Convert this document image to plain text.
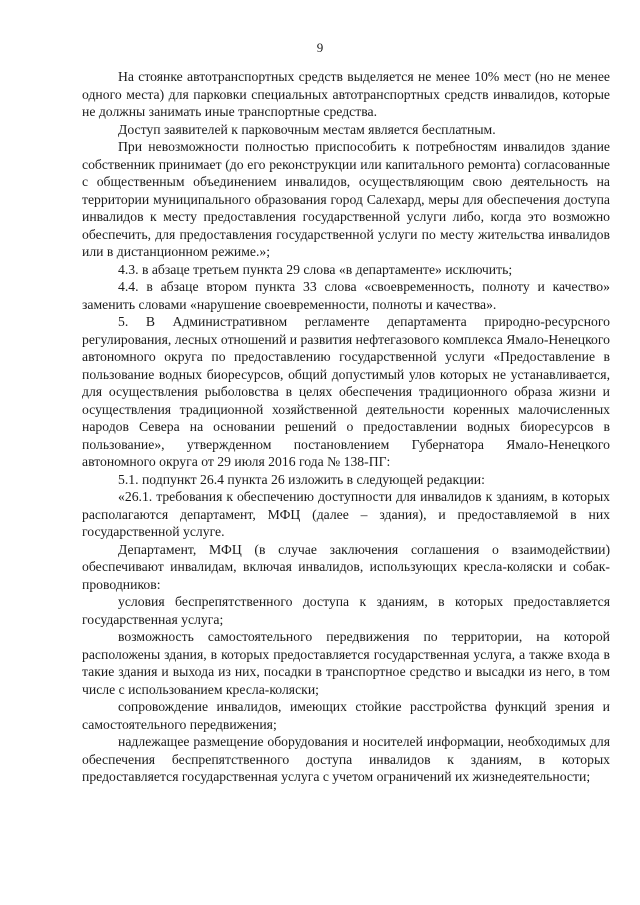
9

На стоянке автотранспортных средств выделяется не менее 10% мест (но не менее одного места) для парковки специальных автотранспортных средств инвалидов, которые не должны занимать иные транспортные средства.

Доступ заявителей к парковочным местам является бесплатным.

При невозможности полностью приспособить к потребностям инвалидов здание собственник принимает (до его реконструкции или капитального ремонта) согласованные с общественным объединением инвалидов, осуществляющим свою деятельность на территории муниципального образования город Салехард, меры для обеспечения доступа инвалидов к месту предоставления государственной услуги либо, когда это возможно обеспечить, для предоставления государственной услуги по месту жительства инвалидов или в дистанционном режиме.»;

4.3. в абзаце третьем пункта 29 слова «в департаменте» исключить;

4.4. в абзаце втором пункта 33 слова «своевременность, полноту и качество» заменить словами «нарушение своевременности, полноты и качества».

5. В Административном регламенте департамента природно-ресурсного регулирования, лесных отношений и развития нефтегазового комплекса Ямало-Ненецкого автономного округа по предоставлению государственной услуги «Предоставление в пользование водных биоресурсов, общий допустимый улов которых не устанавливается, для осуществления рыболовства в целях обеспечения традиционного образа жизни и осуществления традиционной хозяйственной деятельности коренных малочисленных народов Севера на основании решений о предоставлении водных биоресурсов в пользование», утвержденном постановлением Губернатора Ямало-Ненецкого автономного округа от 29 июля 2016 года № 138-ПГ:

5.1. подпункт 26.4 пункта 26 изложить в следующей редакции:

«26.1. требования к обеспечению доступности для инвалидов к зданиям, в которых располагаются департамент, МФЦ (далее – здания), и предоставляемой в них государственной услуге.

Департамент, МФЦ (в случае заключения соглашения о взаимодействии) обеспечивают инвалидам, включая инвалидов, использующих кресла-коляски и собак-проводников:

условия беспрепятственного доступа к зданиям, в которых предоставляется государственная услуга;

возможность самостоятельного передвижения по территории, на которой расположены здания, в которых предоставляется государственная услуга, а также входа в такие здания и выхода из них, посадки в транспортное средство и высадки из него, в том числе с использованием кресла-коляски;

сопровождение инвалидов, имеющих стойкие расстройства функций зрения и самостоятельного передвижения;

надлежащее размещение оборудования и носителей информации, необходимых для обеспечения беспрепятственного доступа инвалидов к зданиям, в которых предоставляется государственная услуга с учетом ограничений их жизнедеятельности;
